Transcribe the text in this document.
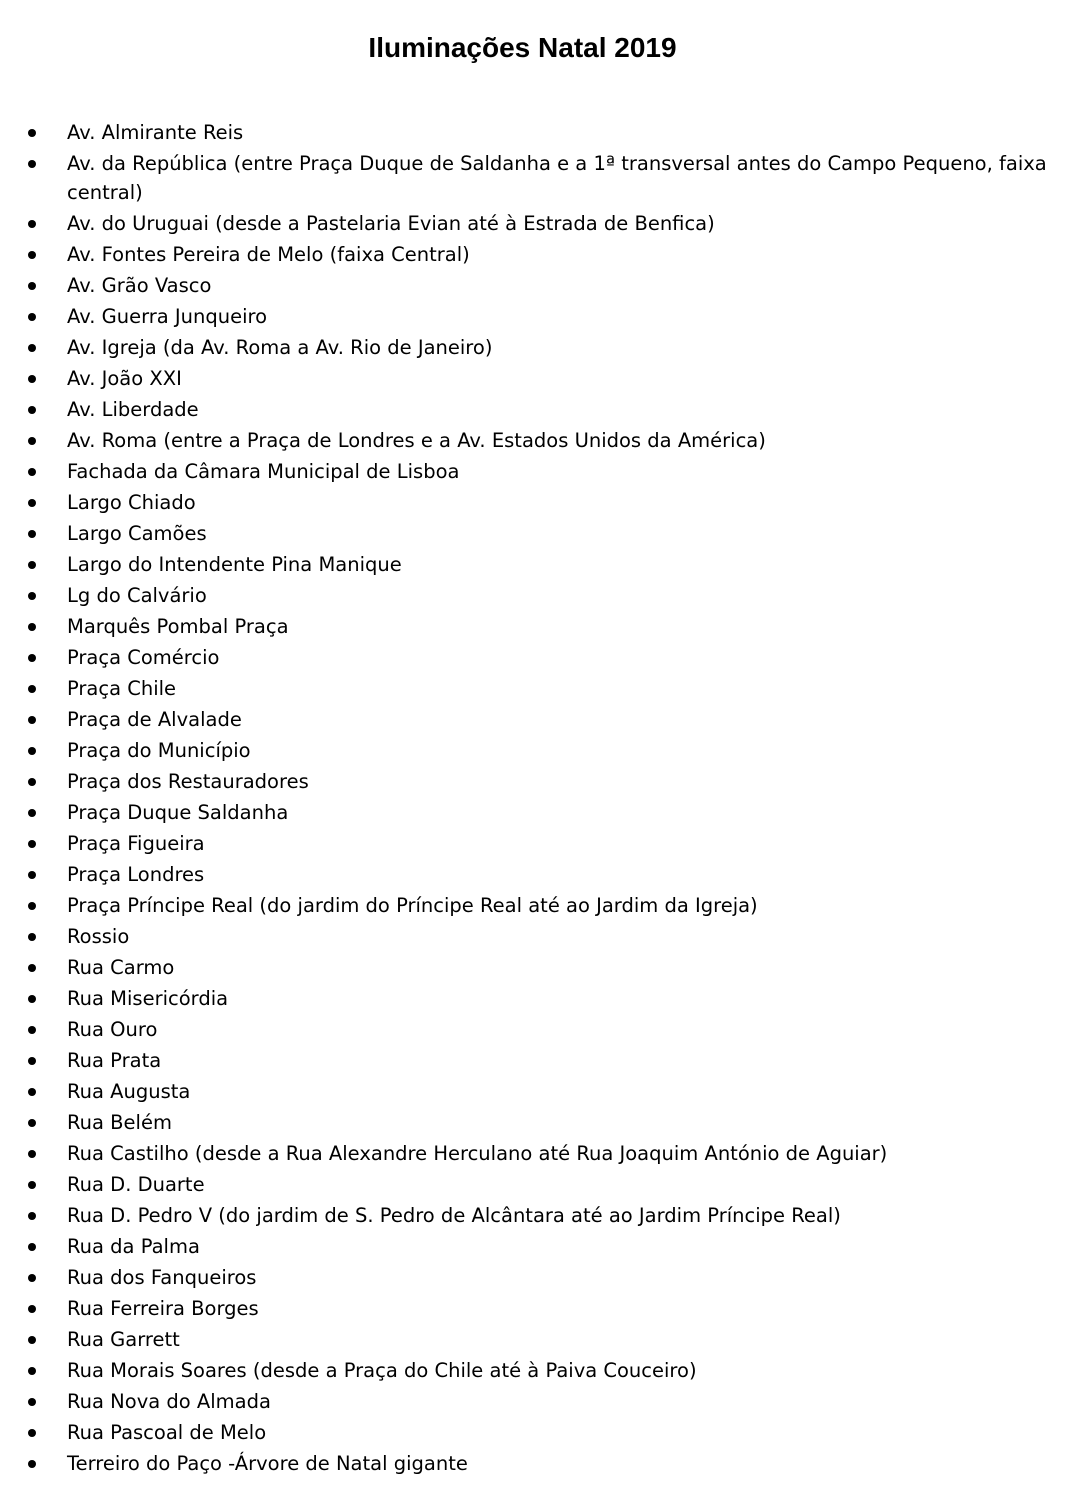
Iluminações Natal 2019
Av. Almirante Reis
Av. da República (entre Praça Duque de Saldanha e a 1ª transversal antes do Campo Pequeno, faixa central)
Av. do Uruguai (desde a Pastelaria Evian até à Estrada de Benfica)
Av. Fontes Pereira de Melo (faixa Central)
Av. Grão Vasco
Av. Guerra Junqueiro
Av. Igreja (da Av. Roma a Av. Rio de Janeiro)
Av. João XXI
Av. Liberdade
Av. Roma (entre a Praça de Londres e a Av. Estados Unidos da América)
Fachada da Câmara Municipal de Lisboa
Largo Chiado
Largo Camões
Largo do Intendente Pina Manique
Lg do Calvário
Marquês Pombal Praça
Praça Comércio
Praça Chile
Praça de Alvalade
Praça do Município
Praça dos Restauradores
Praça Duque Saldanha
Praça Figueira
Praça Londres
Praça Príncipe Real (do jardim do Príncipe Real até ao Jardim da Igreja)
Rossio
Rua Carmo
Rua Misericórdia
Rua Ouro
Rua Prata
Rua Augusta
Rua Belém
Rua Castilho (desde a Rua Alexandre Herculano até Rua Joaquim António de Aguiar)
Rua D. Duarte
Rua D. Pedro V (do jardim de S. Pedro de Alcântara até ao Jardim Príncipe Real)
Rua da Palma
Rua dos Fanqueiros
Rua Ferreira Borges
Rua Garrett
Rua Morais Soares (desde a Praça do Chile até à Paiva Couceiro)
Rua Nova do Almada
Rua Pascoal de Melo
Terreiro do Paço -Árvore de Natal gigante
